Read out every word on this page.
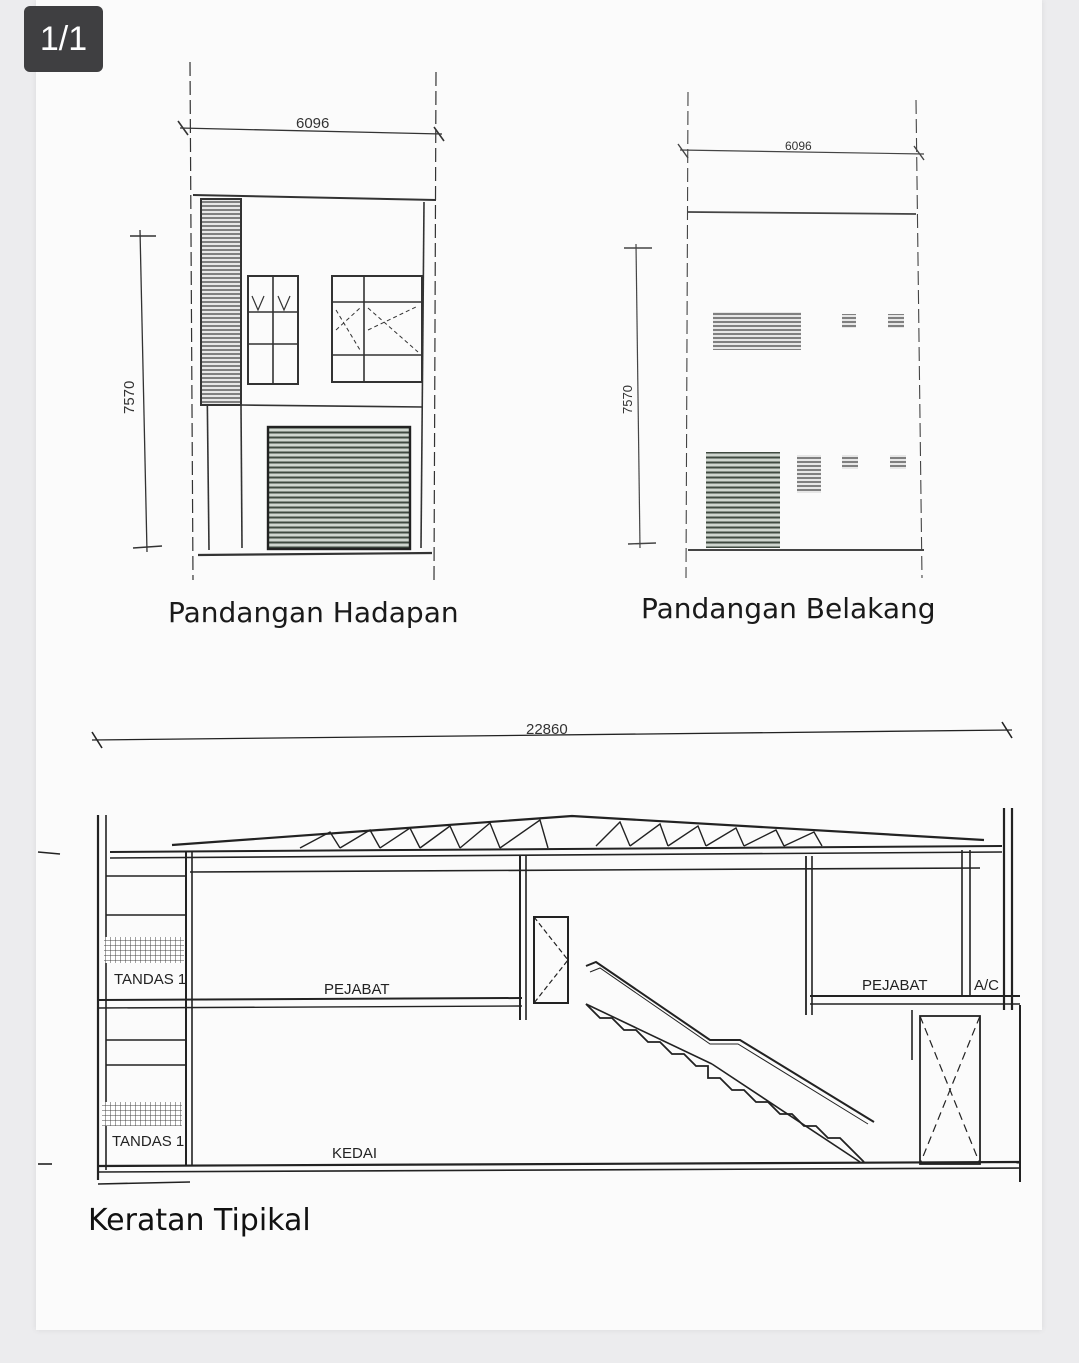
1/1
6096
7570
Pandangan Hadapan
6096
7570
Pandangan Belakang
TANDAS 1
TANDAS 1
PEJABAT	PEJABAT	A/C
KEDAI
22860
Keratan Tipikal
